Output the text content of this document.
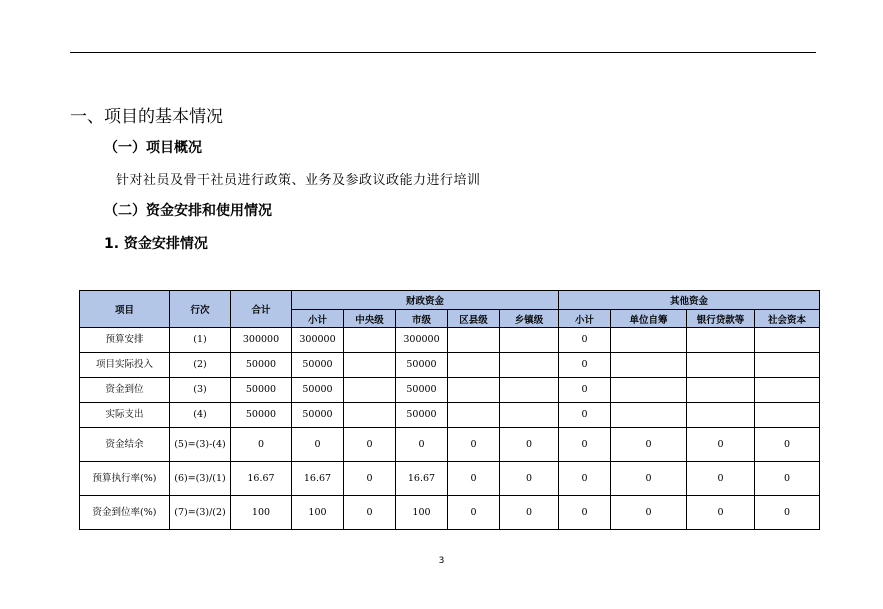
一、项目的基本情况
（一）项目概况
针对社员及骨干社员进行政策、业务及参政议政能力进行培训
（二）资金安排和使用情况
1. 资金安排情况
项目	行次	合计	财政资金					其他资金			
			小计	中央级	市级	区县级	乡镇级	小计	单位自筹	银行贷款等	社会资本
预算安排	(1)	300000	300000		300000			0			
项目实际投入	(2)	50000	50000		50000			0			
资金到位	(3)	50000	50000		50000			0			
实际支出	(4)	50000	50000		50000			0			
资金结余	(5)=(3)-(4)	0	0	0	0	0	0	0	0	0	0
预算执行率(%)	(6)=(3)/(1)	16.67	16.67	0	16.67	0	0	0	0	0	0
资金到位率(%)	(7)=(3)/(2)	100	100	0	100	0	0	0	0	0	0
3
